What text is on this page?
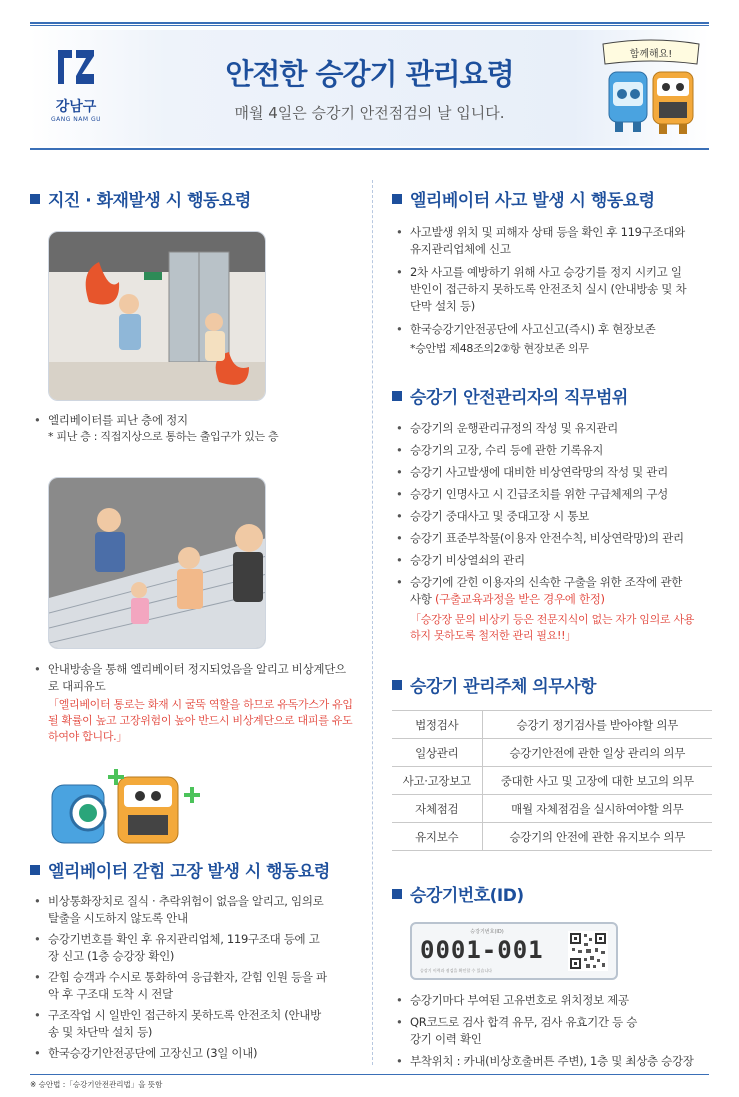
강남구
GANG NAM GU
안전한 승강기 관리요령
매월 4일은 승강기 안전점검의 날 입니다.
함께해요!
지진 · 화재발생 시 행동요령
• 엘리베이터를 피난 층에 정지
* 피난 층 : 직접지상으로 통하는 출입구가 있는 층
• 안내방송을 통해 엘리베이터 정지되었음을 알리고 비상계단으로 대피유도
「엘리베이터 통로는 화재 시 굴뚝 역할을 하므로 유독가스가 유입될 확률이 높고 고장위험이 높아 반드시 비상계단으로 대피를 유도하여야 합니다.」
엘리베이터 갇힘 고장 발생 시 행동요령
• 비상통화장치로 질식 · 추락위험이 없음을 알리고, 임의로 탈출을 시도하지 않도록 안내
• 승강기번호를 확인 후 유지관리업체, 119구조대 등에 고장 신고 (1층 승강장 확인)
• 갇힘 승객과 수시로 통화하여 응급환자, 갇힘 인원 등을 파악 후 구조대 도착 시 전달
• 구조작업 시 일반인 접근하지 못하도록 안전조치 (안내방송 및 차단막 설치 등)
• 한국승강기안전공단에 고장신고 (3일 이내)
엘리베이터 사고 발생 시 행동요령
• 사고발생 위치 및 피해자 상태 등을 확인 후 119구조대와 유지관리업체에 신고
• 2차 사고를 예방하기 위해 사고 승강기를 정지 시키고 일반인이 접근하지 못하도록 안전조치 실시 (안내방송 및 차단막 설치 등)
• 한국승강기안전공단에 사고신고(즉시) 후 현장보존
*승안법 제48조의2②항 현장보존 의무
승강기 안전관리자의 직무범위
• 승강기의 운행관리규정의 작성 및 유지관리
• 승강기의 고장, 수리 등에 관한 기록유지
• 승강기 사고발생에 대비한 비상연락망의 작성 및 관리
• 승강기 인명사고 시 긴급조치를 위한 구급체제의 구성
• 승강기 중대사고 및 중대고장 시 통보
• 승강기 표준부착물(이용자 안전수칙, 비상연락망)의 관리
• 승강기 비상열쇠의 관리
• 승강기에 갇힌 이용자의 신속한 구출을 위한 조작에 관한 사항 (구출교육과정을 받은 경우에 한정)
「승강장 문의 비상키 등은 전문지식이 없는 자가 임의로 사용하지 못하도록 철저한 관리 필요!!」
승강기 관리주체 의무사항
법정검사	승강기 정기검사를 받아야할 의무
일상관리	승강기안전에 관한 일상 관리의 의무
사고·고장보고	중대한 사고 및 고장에 대한 보고의 의무
자체점검	매월 자체점검을 실시하여야할 의무
유지보수	승강기의 안전에 관한 유지보수 의무
승강기번호(ID)
승강기번호(ID)
0001-001
승강기 이력과 점검을 확인할 수 있습니다
• 승강기마다 부여된 고유번호로 위치정보 제공
• QR코드로 검사 합격 유무, 검사 유효기간 등 승강기 이력 확인
• 부착위치 : 카내(비상호출버튼 주변), 1층 및 최상층 승강장
※ 승안법 :「승강기안전관리법」을 뜻함
